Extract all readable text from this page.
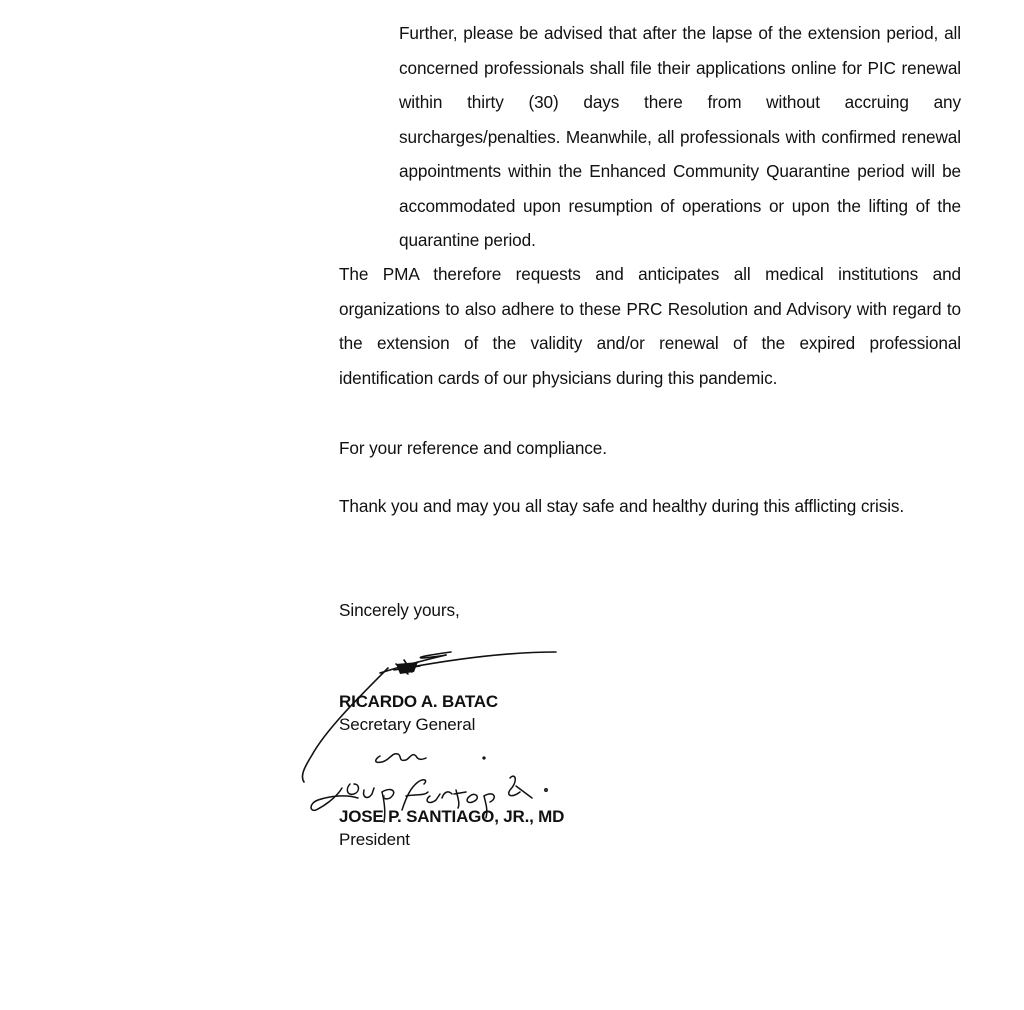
Further, please be advised that after the lapse of the extension period, all concerned professionals shall file their applications online for PIC renewal within thirty (30) days there from without accruing any surcharges/penalties. Meanwhile, all professionals with confirmed renewal appointments within the Enhanced Community Quarantine period will be accommodated upon resumption of operations or upon the lifting of the quarantine period.

The PMA therefore requests and anticipates all medical institutions and organizations to also adhere to these PRC Resolution and Advisory with regard to the extension of the validity and/or renewal of the expired professional identification cards of our physicians during this pandemic.

For your reference and compliance.

Thank you and may you all stay safe and healthy during this afflicting crisis.

Sincerely yours,

RICARDO A. BATAC
Secretary General
JOSE P. SANTIAGO, JR., MD
President
